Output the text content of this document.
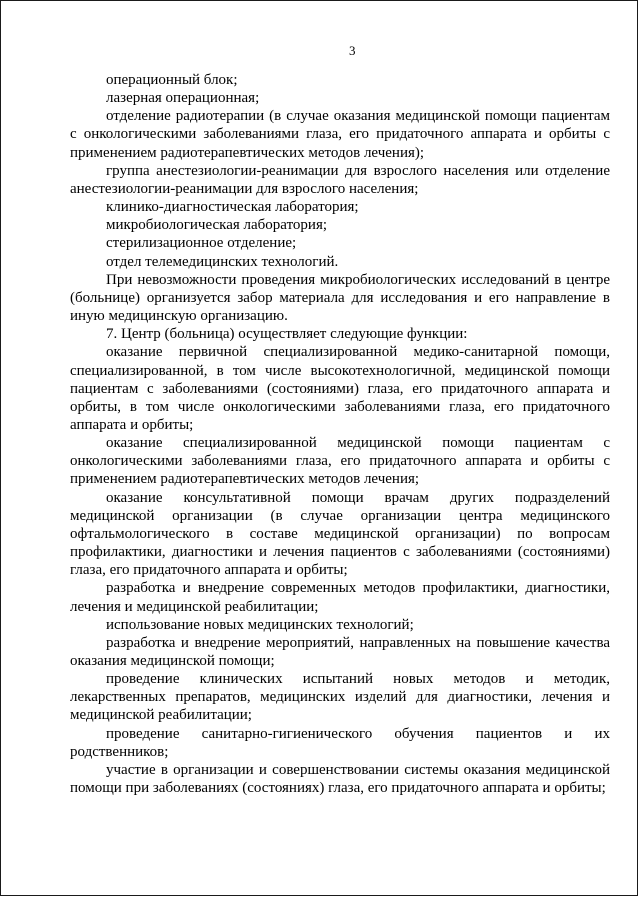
3

операционный блок;

лазерная операционная;

отделение радиотерапии (в случае оказания медицинской помощи пациентам с онкологическими заболеваниями глаза, его придаточного аппарата и орбиты с применением радиотерапевтических методов лечения);

группа анестезиологии-реанимации для взрослого населения или отделение анестезиологии-реанимации для взрослого населения;

клинико-диагностическая лаборатория;

микробиологическая лаборатория;

стерилизационное отделение;

отдел телемедицинских технологий.

При невозможности проведения микробиологических исследований в центре (больнице) организуется забор материала для исследования и его направление в иную медицинскую организацию.

7. Центр (больница) осуществляет следующие функции:

оказание первичной специализированной медико-санитарной помощи, специализированной, в том числе высокотехнологичной, медицинской помощи пациентам с заболеваниями (состояниями) глаза, его придаточного аппарата и орбиты, в том числе онкологическими заболеваниями глаза, его придаточного аппарата и орбиты;

оказание специализированной медицинской помощи пациентам с онкологическими заболеваниями глаза, его придаточного аппарата и орбиты с применением радиотерапевтических методов лечения;

оказание консультативной помощи врачам других подразделений медицинской организации (в случае организации центра медицинского офтальмологического в составе медицинской организации) по вопросам профилактики, диагностики и лечения пациентов с заболеваниями (состояниями) глаза, его придаточного аппарата и орбиты;

разработка и внедрение современных методов профилактики, диагностики, лечения и медицинской реабилитации;

использование новых медицинских технологий;

разработка и внедрение мероприятий, направленных на повышение качества оказания медицинской помощи;

проведение клинических испытаний новых методов и методик, лекарственных препаратов, медицинских изделий для диагностики, лечения и медицинской реабилитации;

проведение санитарно-гигиенического обучения пациентов и их родственников;

участие в организации и совершенствовании системы оказания медицинской помощи при заболеваниях (состояниях) глаза, его придаточного аппарата и орбиты;
